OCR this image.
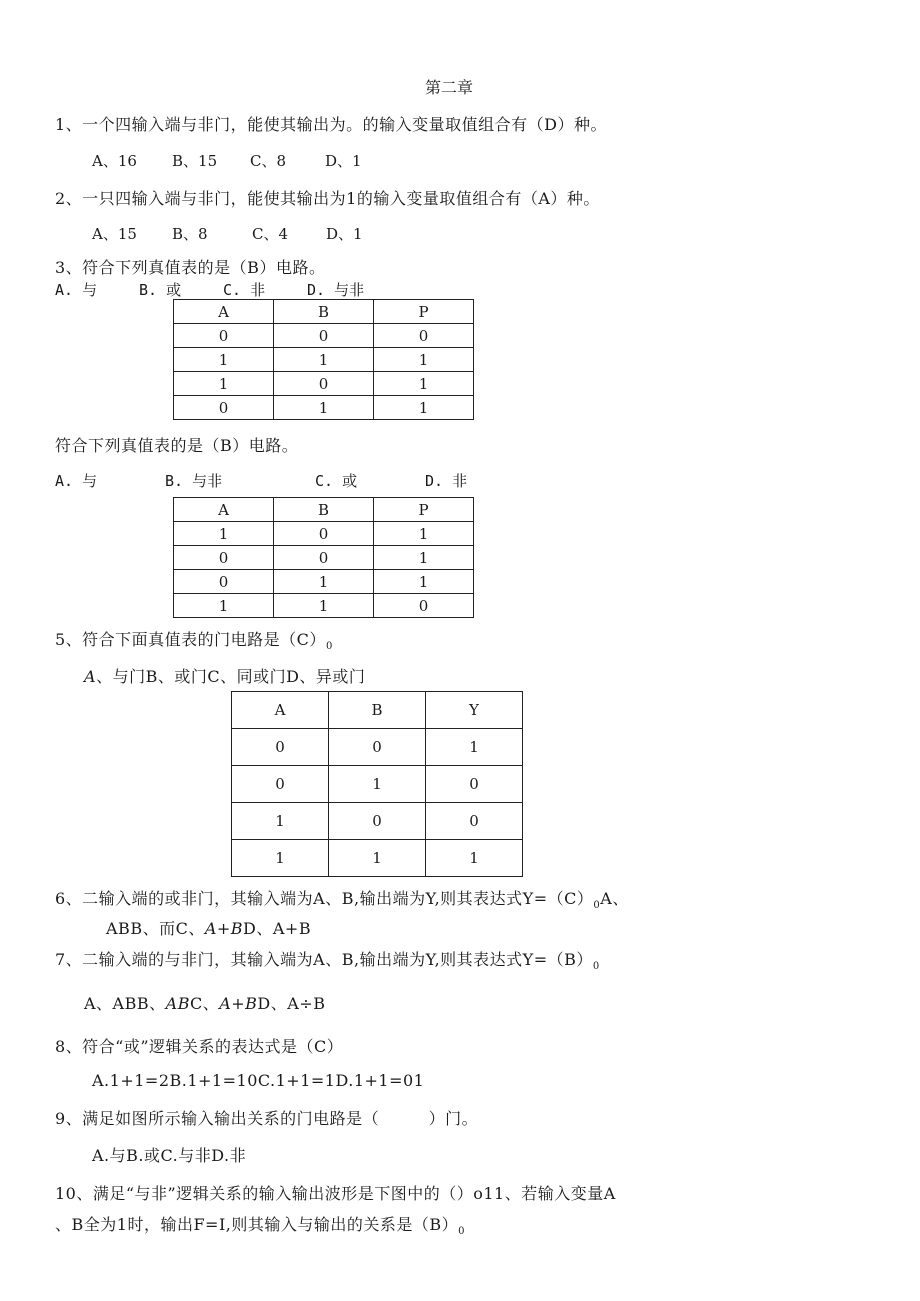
第二章
1、一个四输入端与非门，能使其输出为。的输入变量取值组合有（D）种。
A、16 B、15 C、8	D、1
2、一只四输入端与非门，能使其输出为1的输入变量取值组合有（A）种。
A、15 B、8	C、4	D、1
3、符合下列真值表的是（B）电路。
A. 与	B. 或	C. 非	D. 与非
A	B	P
0	0	0
1	1	1
1	0	1
0	1	1
符合下列真值表的是（B）电路。
A. 与	B. 与非	C. 或	D. 非
A	B	P
1	0	1
0	0	1
0	1	1
1	1	0
5、符合下面真值表的门电路是$(C)_0$
A、与门B、或门C、同或门D、异或门
A	B	Y
0	0	1
0	1	0
1	0	0
1	1	1
6、二输入端的或非门，其输入端为A、B,输出端为Y,则其表达式$Y=(C)_0A$、
ABB、而C、A+BD、A+B
7、二输入端的与非门，其输入端为A、B,输出端为Y,则其表达式$Y=(B)_0$
A、ABB、ABC、A+BD、A÷B
8、符合“或”逻辑关系的表达式是（C）
A.1+1=2B.1+1=10C.1+1=1D.1+1=01
9、满足如图所示输入输出关系的门电路是（　　　）门。
A.与B.或C.与非D.非
10、满足“与非”逻辑关系的输入输出波形是下图中的（）o11、若输入变量A
、B全为1时，输出F=I,则其输入与输出的关系是$(B)_0$
